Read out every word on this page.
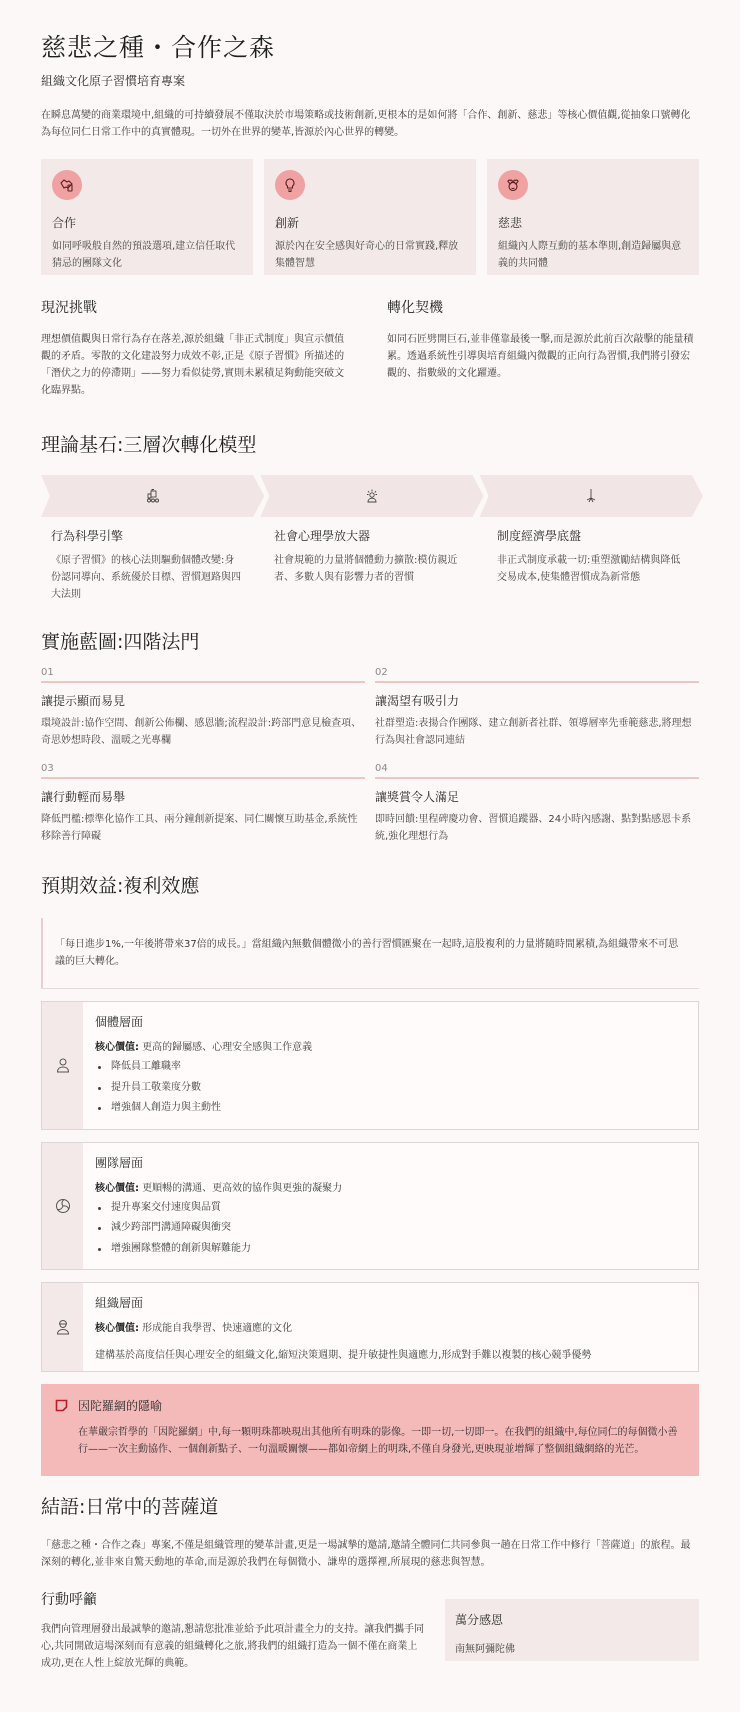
慈悲之種・合作之森
組織文化原子習慣培育專案

在瞬息萬變的商業環境中,組織的可持續發展不僅取決於市場策略或技術創新,更根本的是如何將「合作、創新、慈悲」等核心價值觀,從抽象口號轉化為每位同仁日常工作中的真實體現。一切外在世界的變革,皆源於內心世界的轉變。

合作
如同呼吸般自然的預設選項,建立信任取代猜忌的團隊文化
創新
源於內在安全感與好奇心的日常實踐,釋放集體智慧
慈悲
組織內人際互動的基本準則,創造歸屬與意義的共同體
現況挑戰

理想價值觀與日常行為存在落差,源於組織「非正式制度」與宣示價值觀的矛盾。零散的文化建設努力成效不彰,正是《原子習慣》所描述的「潛伏之力的停滯期」——努力看似徒勞,實則未累積足夠動能突破文化臨界點。

轉化契機

如同石匠劈開巨石,並非僅靠最後一擊,而是源於此前百次敲擊的能量積累。透過系統性引導與培育組織內微觀的正向行為習慣,我們將引發宏觀的、指數級的文化躍遷。

理論基石:三層次轉化模型
行為科學引擎

《原子習慣》的核心法則驅動個體改變:身份認同導向、系統優於目標、習慣迴路與四大法則

社會心理學放大器

社會規範的力量將個體動力擴散:模仿親近者、多數人與有影響力者的習慣

制度經濟學底盤

非正式制度承載一切:重塑激勵結構與降低交易成本,使集體習慣成為新常態

實施藍圖:四階法門
01
讓提示顯而易見

環境設計:協作空間、創新公佈欄、感恩牆;流程設計:跨部門意見檢查項、奇思妙想時段、溫暖之光專欄

02
讓渴望有吸引力

社群塑造:表揚合作團隊、建立創新者社群、領導層率先垂範慈悲,將理想行為與社會認同連結

03
讓行動輕而易舉

降低門檻:標準化協作工具、兩分鐘創新提案、同仁關懷互助基金,系統性移除善行障礙

04
讓獎賞令人滿足

即時回饋:里程碑慶功會、習慣追蹤器、24小時內感謝、點對點感恩卡系統,強化理想行為

預期效益:複利效應
「每日進步1%,一年後將帶來37倍的成長。」當組織內無數個體微小的善行習慣匯聚在一起時,這股複利的力量將隨時間累積,為組織帶來不可思議的巨大轉化。
個體層面
核心價值: 更高的歸屬感、心理安全感與工作意義
降低員工離職率
提升員工敬業度分數
增強個人創造力與主動性
團隊層面
核心價值: 更順暢的溝通、更高效的協作與更強的凝聚力
提升專案交付速度與品質
減少跨部門溝通障礙與衝突
增強團隊整體的創新與解難能力
組織層面
核心價值: 形成能自我學習、快速適應的文化

建構基於高度信任與心理安全的組織文化,縮短決策週期、提升敏捷性與適應力,形成對手難以複製的核心競爭優勢

因陀羅網的隱喻

在華嚴宗哲學的「因陀羅網」中,每一顆明珠都映現出其他所有明珠的影像。一即一切,一切即一。在我們的組織中,每位同仁的每個微小善行——一次主動協作、一個創新點子、一句溫暖關懷——都如帝網上的明珠,不僅自身發光,更映現並增輝了整個組織網絡的光芒。

結語:日常中的菩薩道

「慈悲之種・合作之森」專案,不僅是組織管理的變革計畫,更是一場誠摯的邀請,邀請全體同仁共同參與一趟在日常工作中修行「菩薩道」的旅程。最深刻的轉化,並非來自驚天動地的革命,而是源於我們在每個微小、謙卑的選擇裡,所展現的慈悲與智慧。

行動呼籲

我們向管理層發出最誠摯的邀請,懇請您批准並給予此項計畫全力的支持。讓我們攜手同心,共同開啟這場深刻而有意義的組織轉化之旅,將我們的組織打造為一個不僅在商業上成功,更在人性上綻放光輝的典範。

萬分感恩
南無阿彌陀佛
